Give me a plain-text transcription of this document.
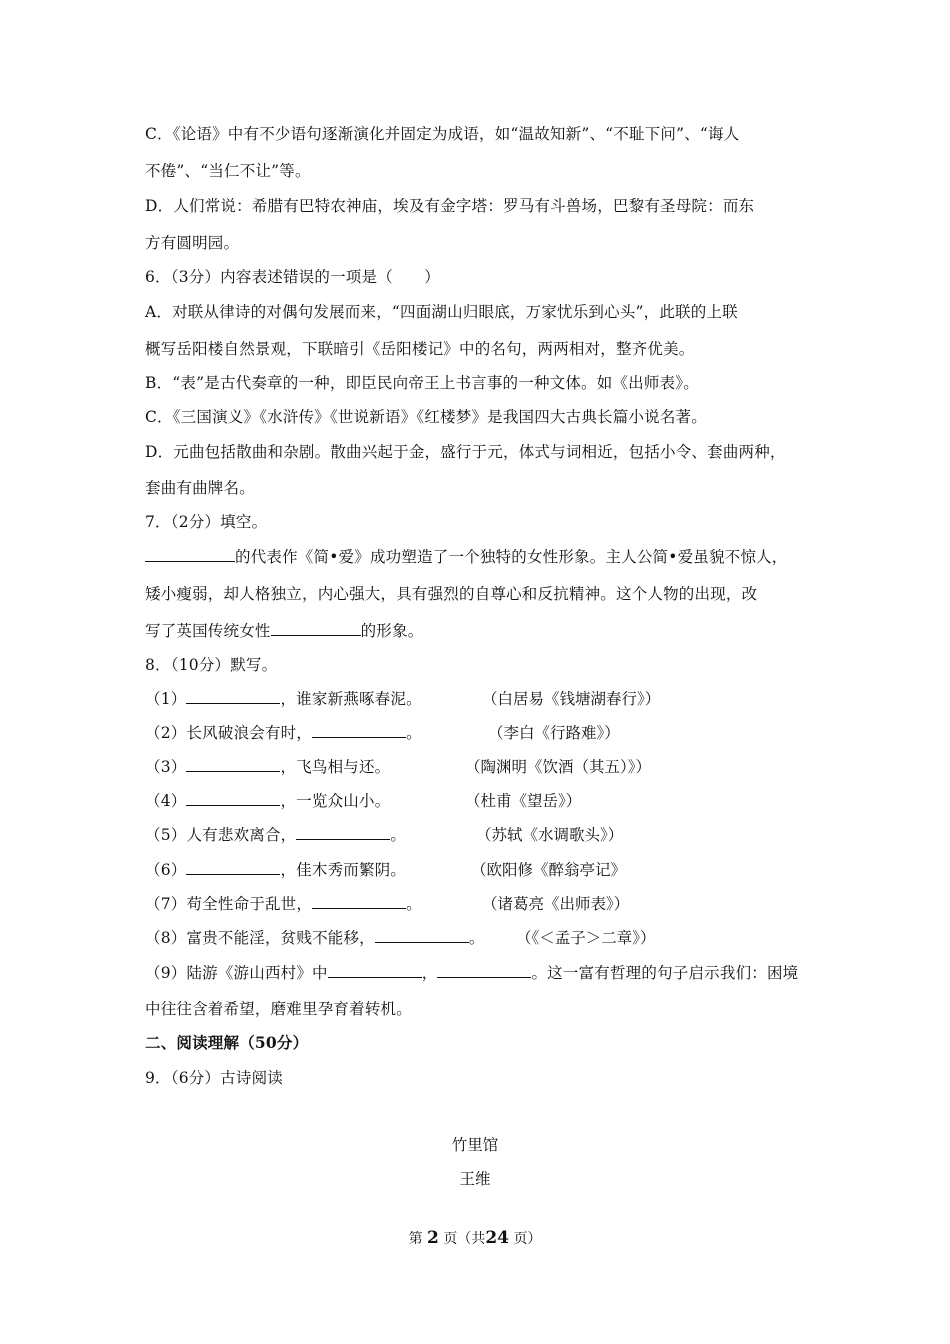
C．《论语》中有不少语句逐渐演化并固定为成语，如“温故知新”、“不耻下问”、“诲人
不倦”、“当仁不让”等。
D．人们常说：希腊有巴特农神庙，埃及有金字塔：罗马有斗兽场，巴黎有圣母院：而东
方有圆明园。
6．（3分）内容表述错误的一项是（　　）
A．对联从律诗的对偶句发展而来，“四面湖山归眼底，万家忧乐到心头”，此联的上联
概写岳阳楼自然景观，下联暗引《岳阳楼记》中的名句，两两相对，整齐优美。
B．“表”是古代奏章的一种，即臣民向帝王上书言事的一种文体。如《出师表》。
C．《三国演义》《水浒传》《世说新语》《红楼梦》是我国四大古典长篇小说名著。
D．元曲包括散曲和杂剧。散曲兴起于金，盛行于元，体式与词相近，包括小令、套曲两种，
套曲有曲牌名。
7．（2分）填空。
的代表作《简•爱》成功塑造了一个独特的女性形象。主人公简•爱虽貌不惊人，
矮小瘦弱，却人格独立，内心强大，具有强烈的自尊心和反抗精神。这个人物的出现，改
写了英国传统女性	的形象。
8．（10分）默写。
（1）	，谁家新燕啄春泥。	（白居易《钱塘湖春行》）
（2）长风破浪会有时，	。	（李白《行路难》）
（3）	，飞鸟相与还。	（陶渊明《饮酒（其五）》）
（4）	，一览众山小。	（杜甫《望岳》）
（5）人有悲欢离合，	。	（苏轼《水调歌头》）
（6）	，佳木秀而繁阴。	（欧阳修《醉翁亭记》
（7）苟全性命于乱世，	。	（诸葛亮《出师表》）
（8）富贵不能淫，贫贱不能移，	。 （《＜孟子＞二章》）
（9）陆游《游山西村》中	，	。这一富有哲理的句子启示我们：困境
中往往含着希望，磨难里孕育着转机。
二、阅读理解（50分）
9．（6分）古诗阅读
竹里馆
王维
第 2 页（共24 页）
